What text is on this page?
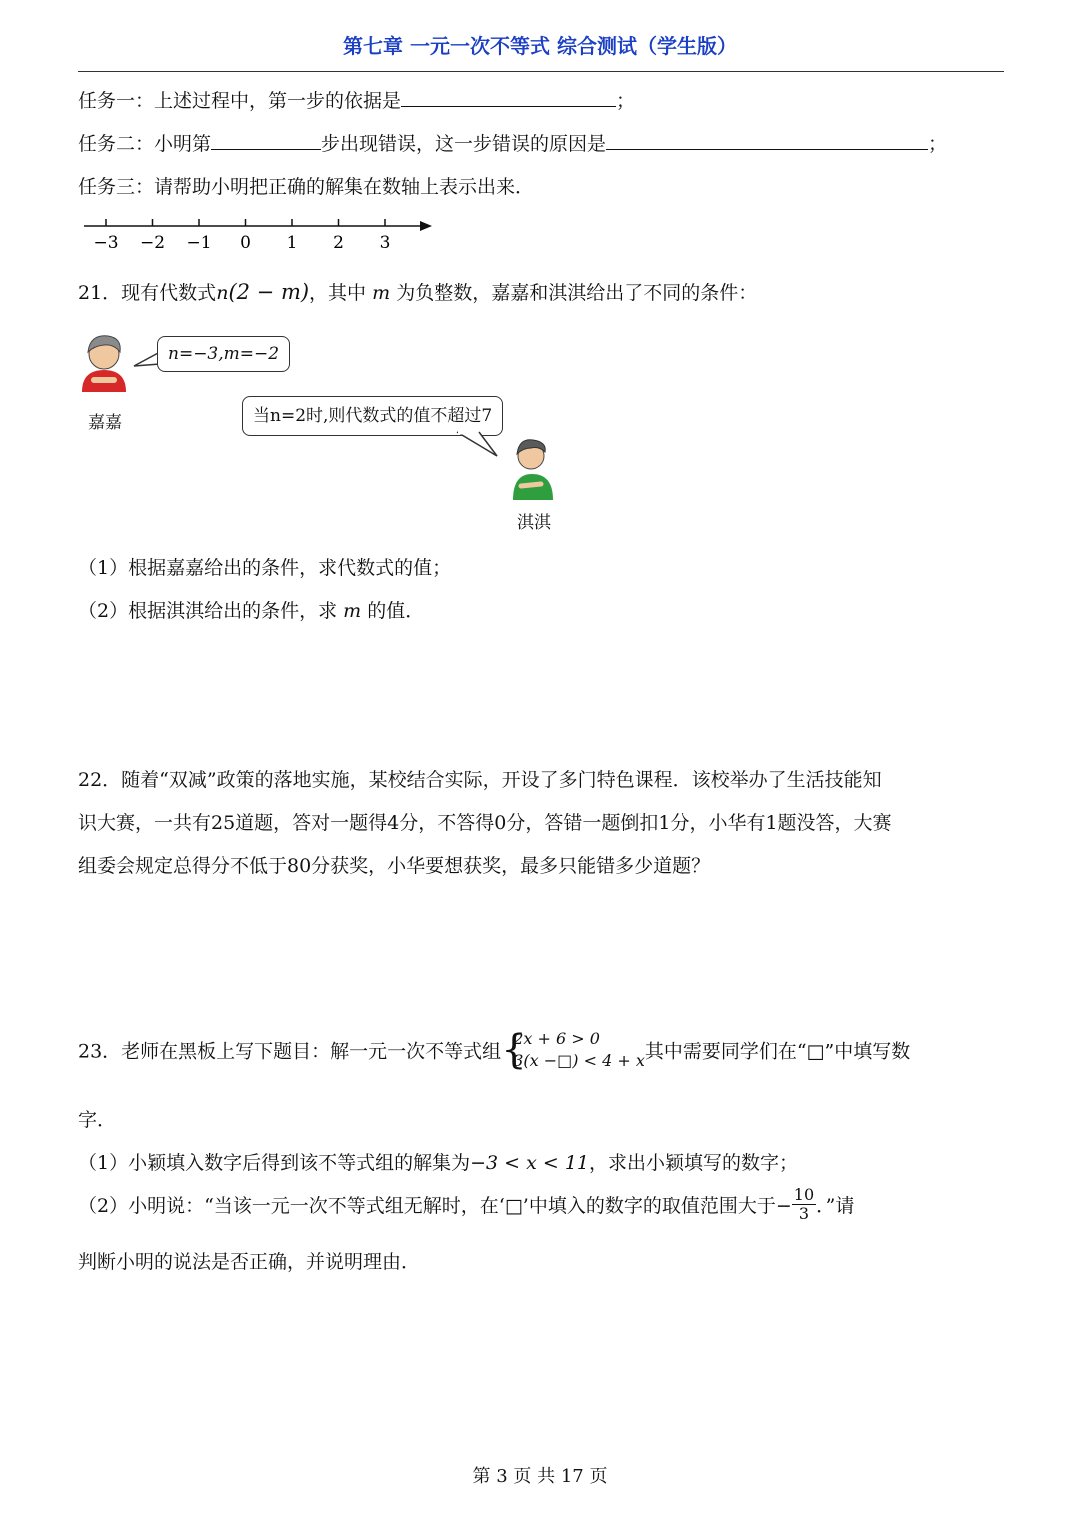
第七章 一元一次不等式 综合测试（学生版）
任务一：上述过程中，第一步的依据是	；
任务二：小明第	步出现错误，这一步错误的原因是	；
任务三：请帮助小明把正确的解集在数轴上表示出来．
−3 −2 −1 0 1 2 3
21．现有代数式n(2 − m)，其中 m 为负整数，嘉嘉和淇淇给出了不同的条件：
嘉嘉
n=−3,m=−2
当n=2时,则代数式的值不超过7
淇淇
（1）根据嘉嘉给出的条件，求代数式的值；
（2）根据淇淇给出的条件，求 m 的值．
22．随着“双减”政策的落地实施，某校结合实际，开设了多门特色课程．该校举办了生活技能知
识大赛，一共有25道题，答对一题得4分，不答得0分，答错一题倒扣1分，小华有1题没答，大赛
组委会规定总得分不低于80分获奖，小华要想获奖，最多只能错多少道题？
23．老师在黑板上写下题目：解一元一次不等式组 {
2x + 6 > 0
3(x −□) < 4 + x 其中需要同学们在“□”中填写数
字．
（1）小颖填入数字后得到该不等式组的解集为−3 < x < 11，求出小颖填写的数字；
（2）小明说：“当该一元一次不等式组无解时，在‘□’中填入的数字的取值范围大于− $\frac{10}{3}$ ．”请
判断小明的说法是否正确，并说明理由．
第 3 页 共 17 页
